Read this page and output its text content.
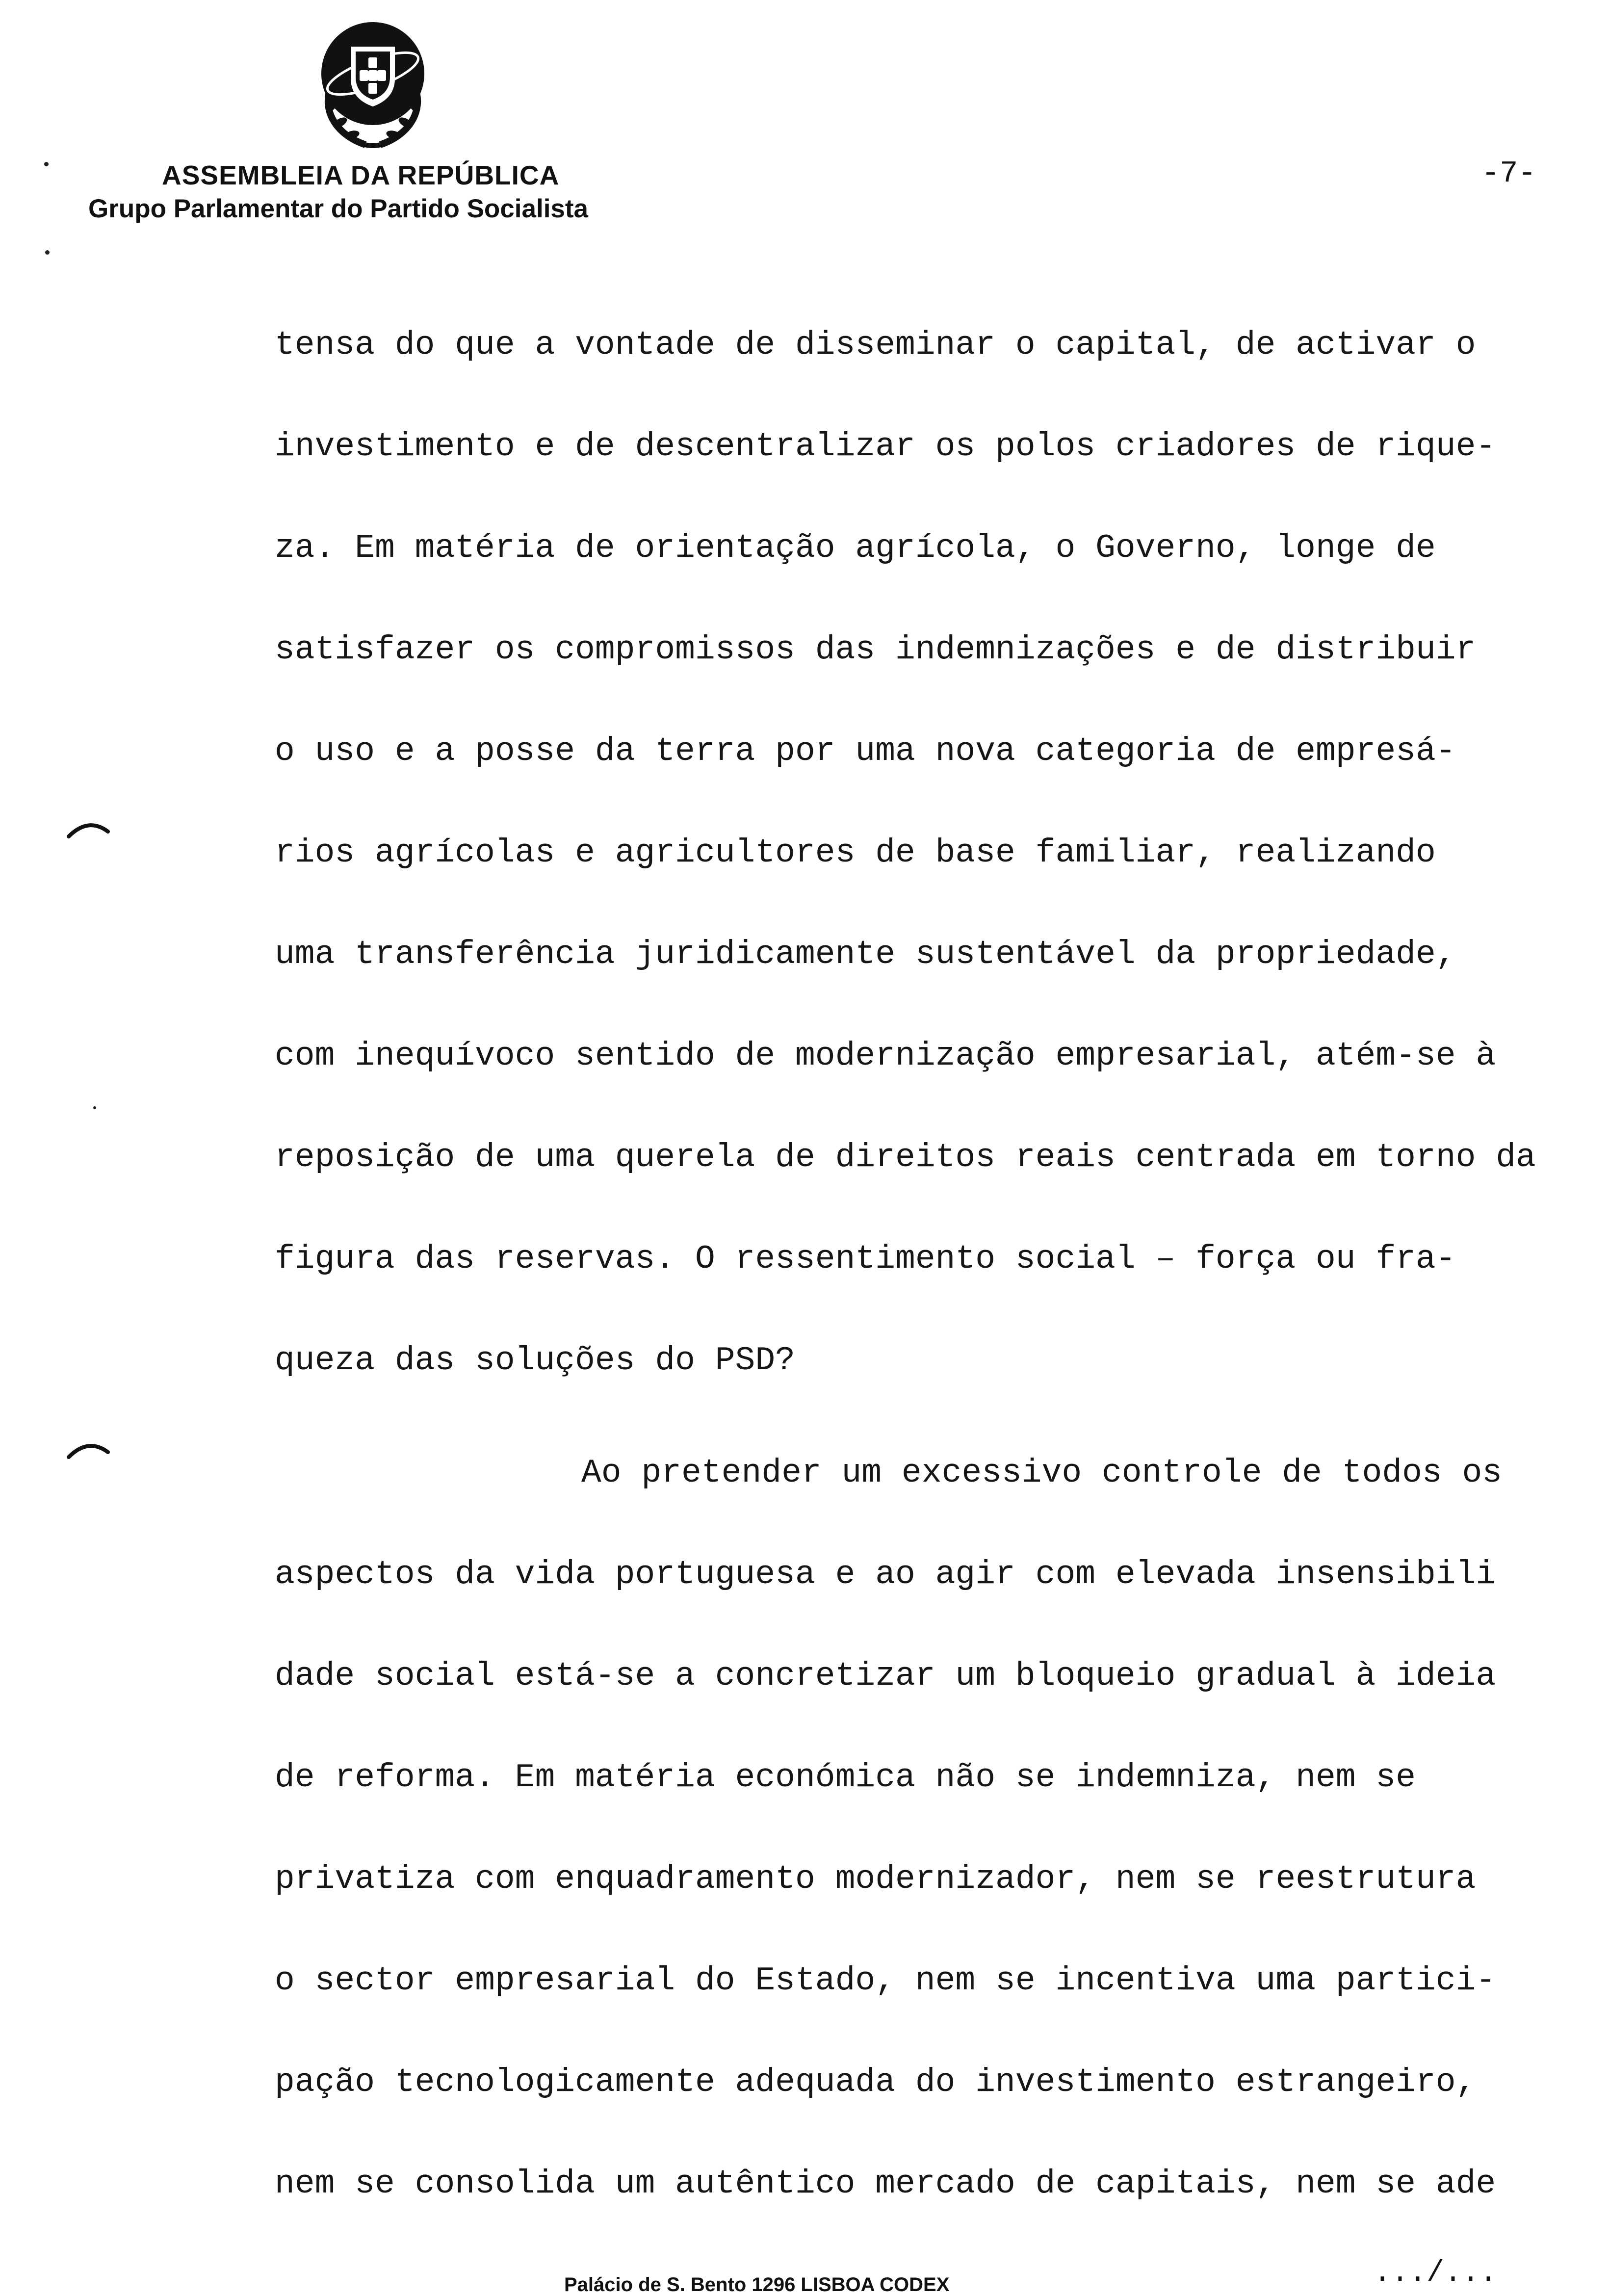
ASSEMBLEIA DA REPÚBLICA
Grupo Parlamentar do Partido Socialista
-7-
tensa do que a vontade de disseminar o capital, de activar o
investimento e de descentralizar os polos criadores de rique-
za. Em matéria de orientação agrícola, o Governo, longe de
satisfazer os compromissos das indemnizações e de distribuir
o uso e a posse da terra por uma nova categoria de empresá-
rios agrícolas e agricultores de base familiar, realizando
uma transferência juridicamente sustentável da propriedade,
com inequívoco sentido de modernização empresarial, atém-se à
reposição de uma querela de direitos reais centrada em torno da
figura das reservas. O ressentimento social – força ou fra-
queza das soluções do PSD?
Ao pretender um excessivo controle de todos os
aspectos da vida portuguesa e ao agir com elevada insensibili
dade social está-se a concretizar um bloqueio gradual à ideia
de reforma. Em matéria económica não se indemniza, nem se
privatiza com enquadramento modernizador, nem se reestrutura
o sector empresarial do Estado, nem se incentiva uma partici-
pação tecnologicamente adequada do investimento estrangeiro,
nem se consolida um autêntico mercado de capitais, nem se ade
Palácio de S. Bento 1296 LISBOA CODEX	.../...
